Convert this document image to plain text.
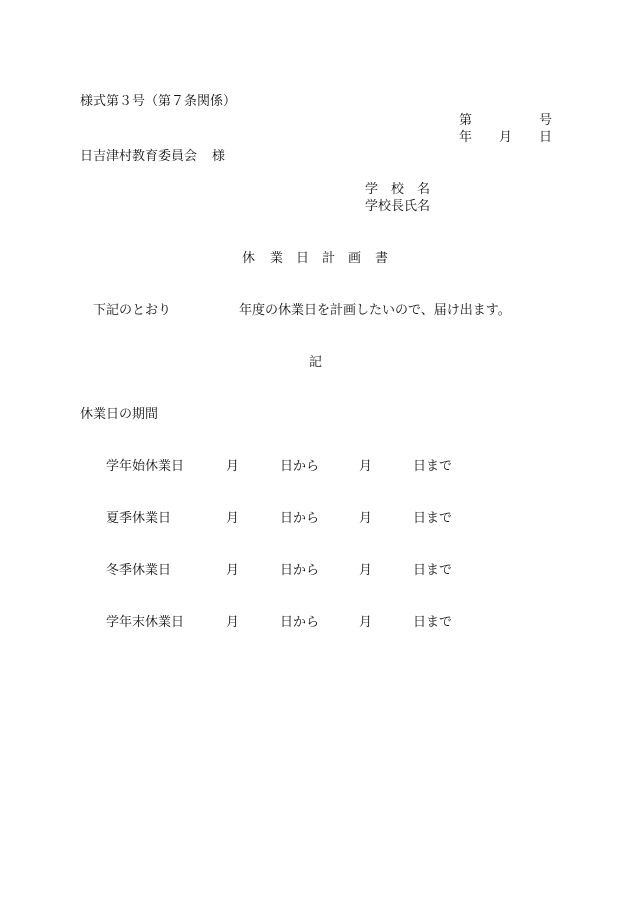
様式第３号（第７条関係）
第	号
年 月 日
日吉津村教育委員会 様
学　校　名
学校長氏名
休 業 日 計 画 書
下記のとおり	年度の休業日を計画したいので、届け出ます。
記
休業日の期間
学年始休業日	月	日から	月	日まで
夏季休業日	月	日から	月	日まで
冬季休業日	月	日から	月	日まで
学年末休業日	月	日から	月	日まで
